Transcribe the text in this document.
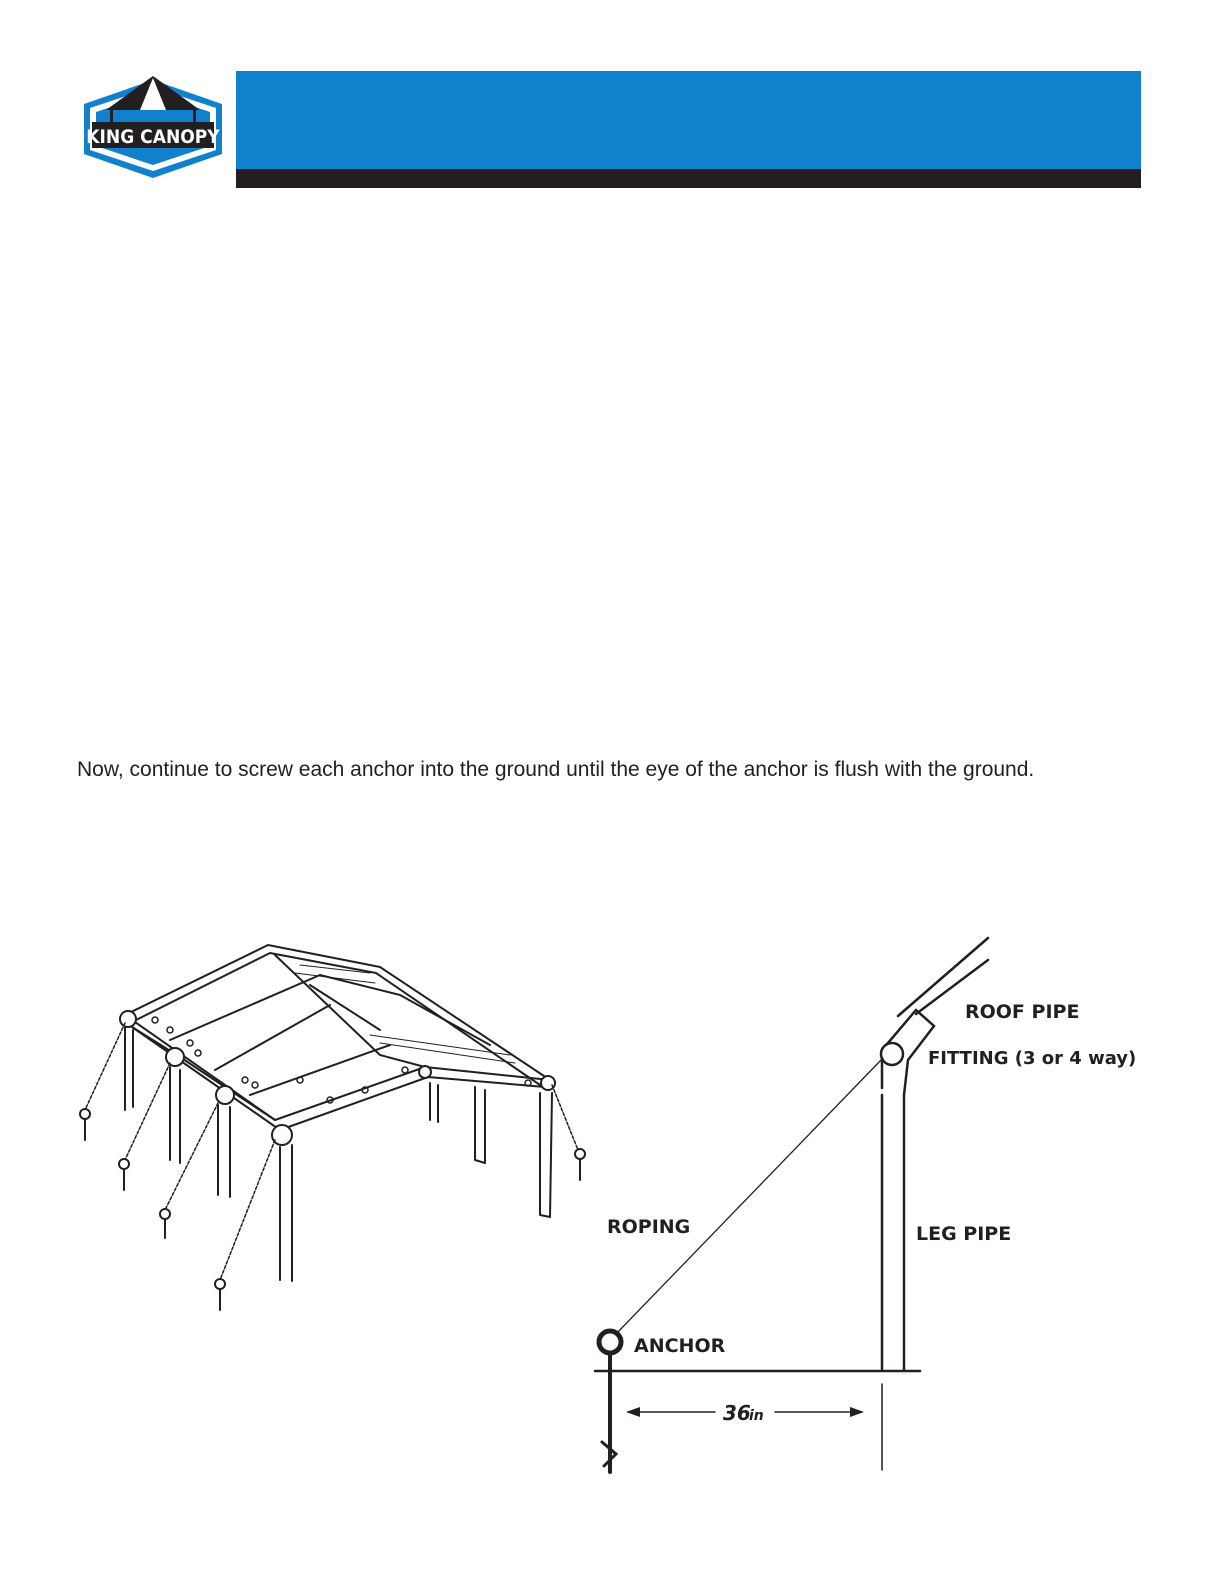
KING CANOPY

Now, continue to screw each anchor into the ground until the eye of the anchor is flush with the ground.

ROOF PIPE
FITTING (3 or 4 way)
ROPING	LEG PIPE
ANCHOR
36
in
